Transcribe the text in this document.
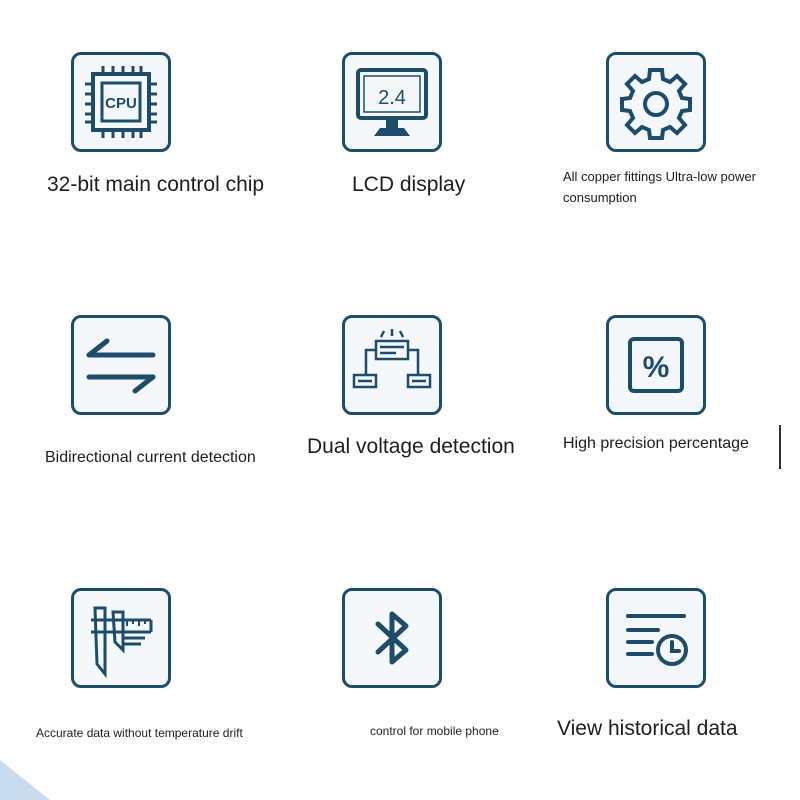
CPU
32-bit main control chip
2.4
LCD display	All copper fittings Ultra-low power consumption
Bidirectional current detection Dual voltage detection
%
High precision percentage
Accurate data without temperature drift	control for mobile phone	View historical data
